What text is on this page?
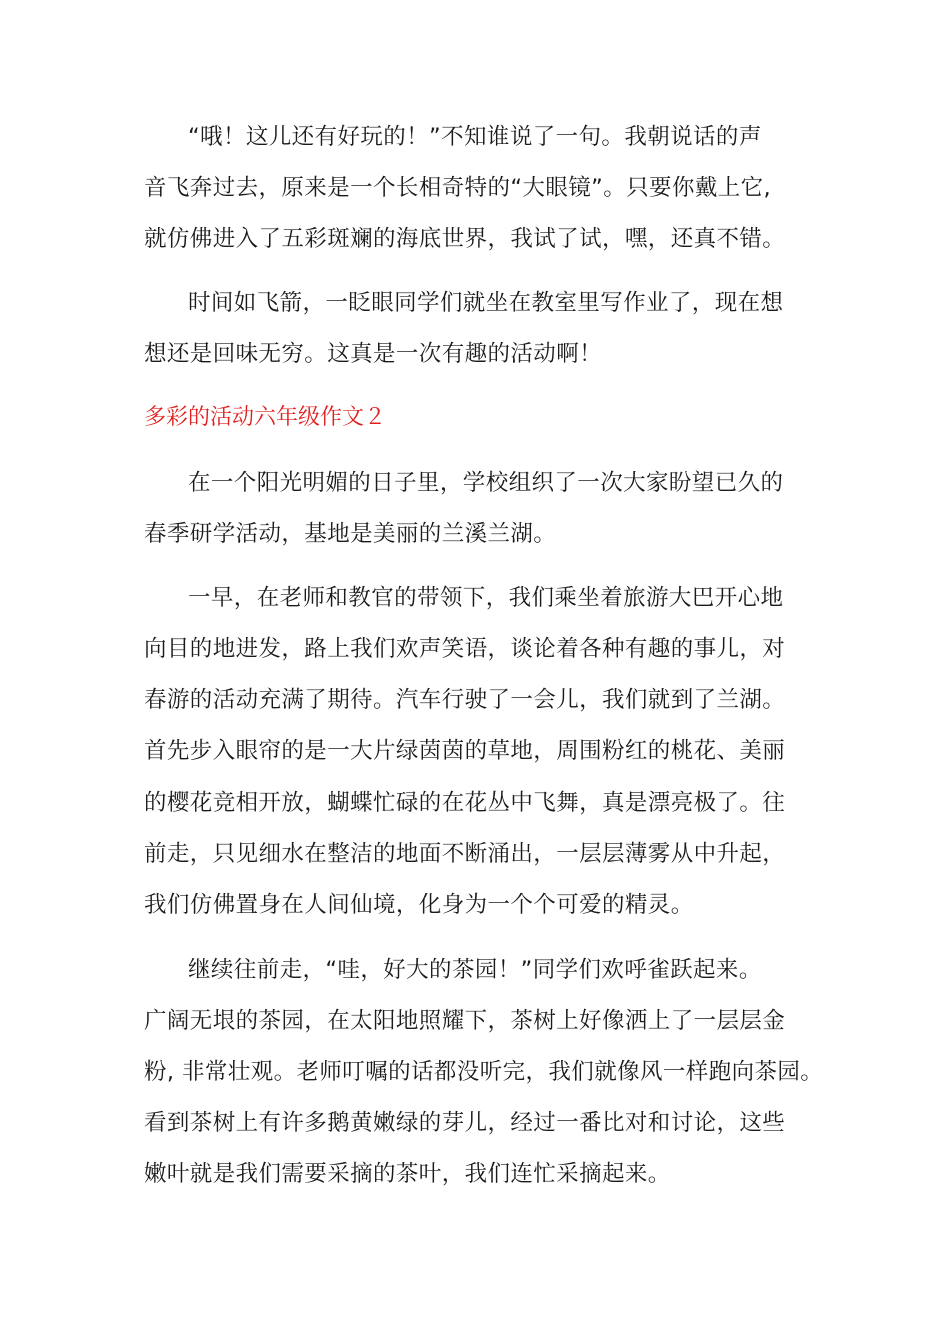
“哦！这儿还有好玩的！”不知谁说了一句。我朝说话的声
音飞奔过去，原来是一个长相奇特的“大眼镜”。只要你戴上它,
就仿佛进入了五彩斑斓的海底世界，我试了试，嘿，还真不错。
时间如飞箭，一眨眼同学们就坐在教室里写作业了，现在想
想还是回味无穷。这真是一次有趣的活动啊！
多彩的活动六年级作文２
在一个阳光明媚的日子里，学校组织了一次大家盼望已久的
春季研学活动，基地是美丽的兰溪兰湖。
一早，在老师和教官的带领下，我们乘坐着旅游大巴开心地
向目的地进发，路上我们欢声笑语，谈论着各种有趣的事儿，对
春游的活动充满了期待。汽车行驶了一会儿，我们就到了兰湖。
首先步入眼帘的是一大片绿茵茵的草地，周围粉红的桃花、美丽
的樱花竞相开放，蝴蝶忙碌的在花丛中飞舞，真是漂亮极了。往
前走，只见细水在整洁的地面不断涌出，一层层薄雾从中升起，
我们仿佛置身在人间仙境，化身为一个个可爱的精灵。
继续往前走，“哇，好大的茶园！”同学们欢呼雀跃起来。
广阔无垠的茶园，在太阳地照耀下，茶树上好像洒上了一层层金
粉, 非常壮观。老师叮嘱的话都没听完，我们就像风一样跑向茶园。
看到茶树上有许多鹅黄嫩绿的芽儿，经过一番比对和讨论，这些
嫩叶就是我们需要采摘的茶叶，我们连忙采摘起来。
